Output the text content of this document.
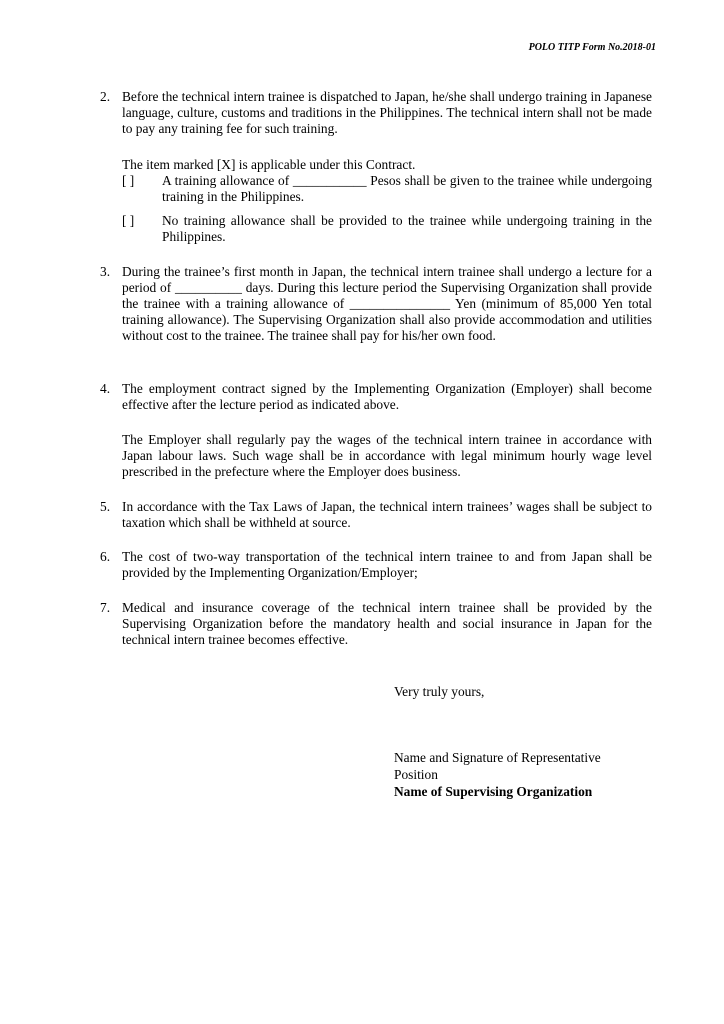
POLO TITP Form No.2018-01
2. Before the technical intern trainee is dispatched to Japan, he/she shall undergo training in Japanese language, culture, customs and traditions in the Philippines. The technical intern shall not be made to pay any training fee for such training.
The item marked [X] is applicable under this Contract.
[ ]	A training allowance of ___________ Pesos shall be given to the trainee while undergoing training in the Philippines.
[ ]	No training allowance shall be provided to the trainee while undergoing training in the Philippines.
3. During the trainee’s first month in Japan, the technical intern trainee shall undergo a lecture for a period of __________ days. During this lecture period the Supervising Organization shall provide the trainee with a training allowance of _______________ Yen (minimum of 85,000 Yen total training allowance). The Supervising Organization shall also provide accommodation and utilities without cost to the trainee. The trainee shall pay for his/her own food.
4. The employment contract signed by the Implementing Organization (Employer) shall become effective after the lecture period as indicated above.
The Employer shall regularly pay the wages of the technical intern trainee in accordance with Japan labour laws. Such wage shall be in accordance with legal minimum hourly wage level prescribed in the prefecture where the Employer does business.
5. In accordance with the Tax Laws of Japan, the technical intern trainees’ wages shall be subject to taxation which shall be withheld at source.
6. The cost of two-way transportation of the technical intern trainee to and from Japan shall be provided by the Implementing Organization/Employer;
7. Medical and insurance coverage of the technical intern trainee shall be provided by the Supervising Organization before the mandatory health and social insurance in Japan for the technical intern trainee becomes effective.
Very truly yours,
Name and Signature of Representative
Position
Name of Supervising Organization
